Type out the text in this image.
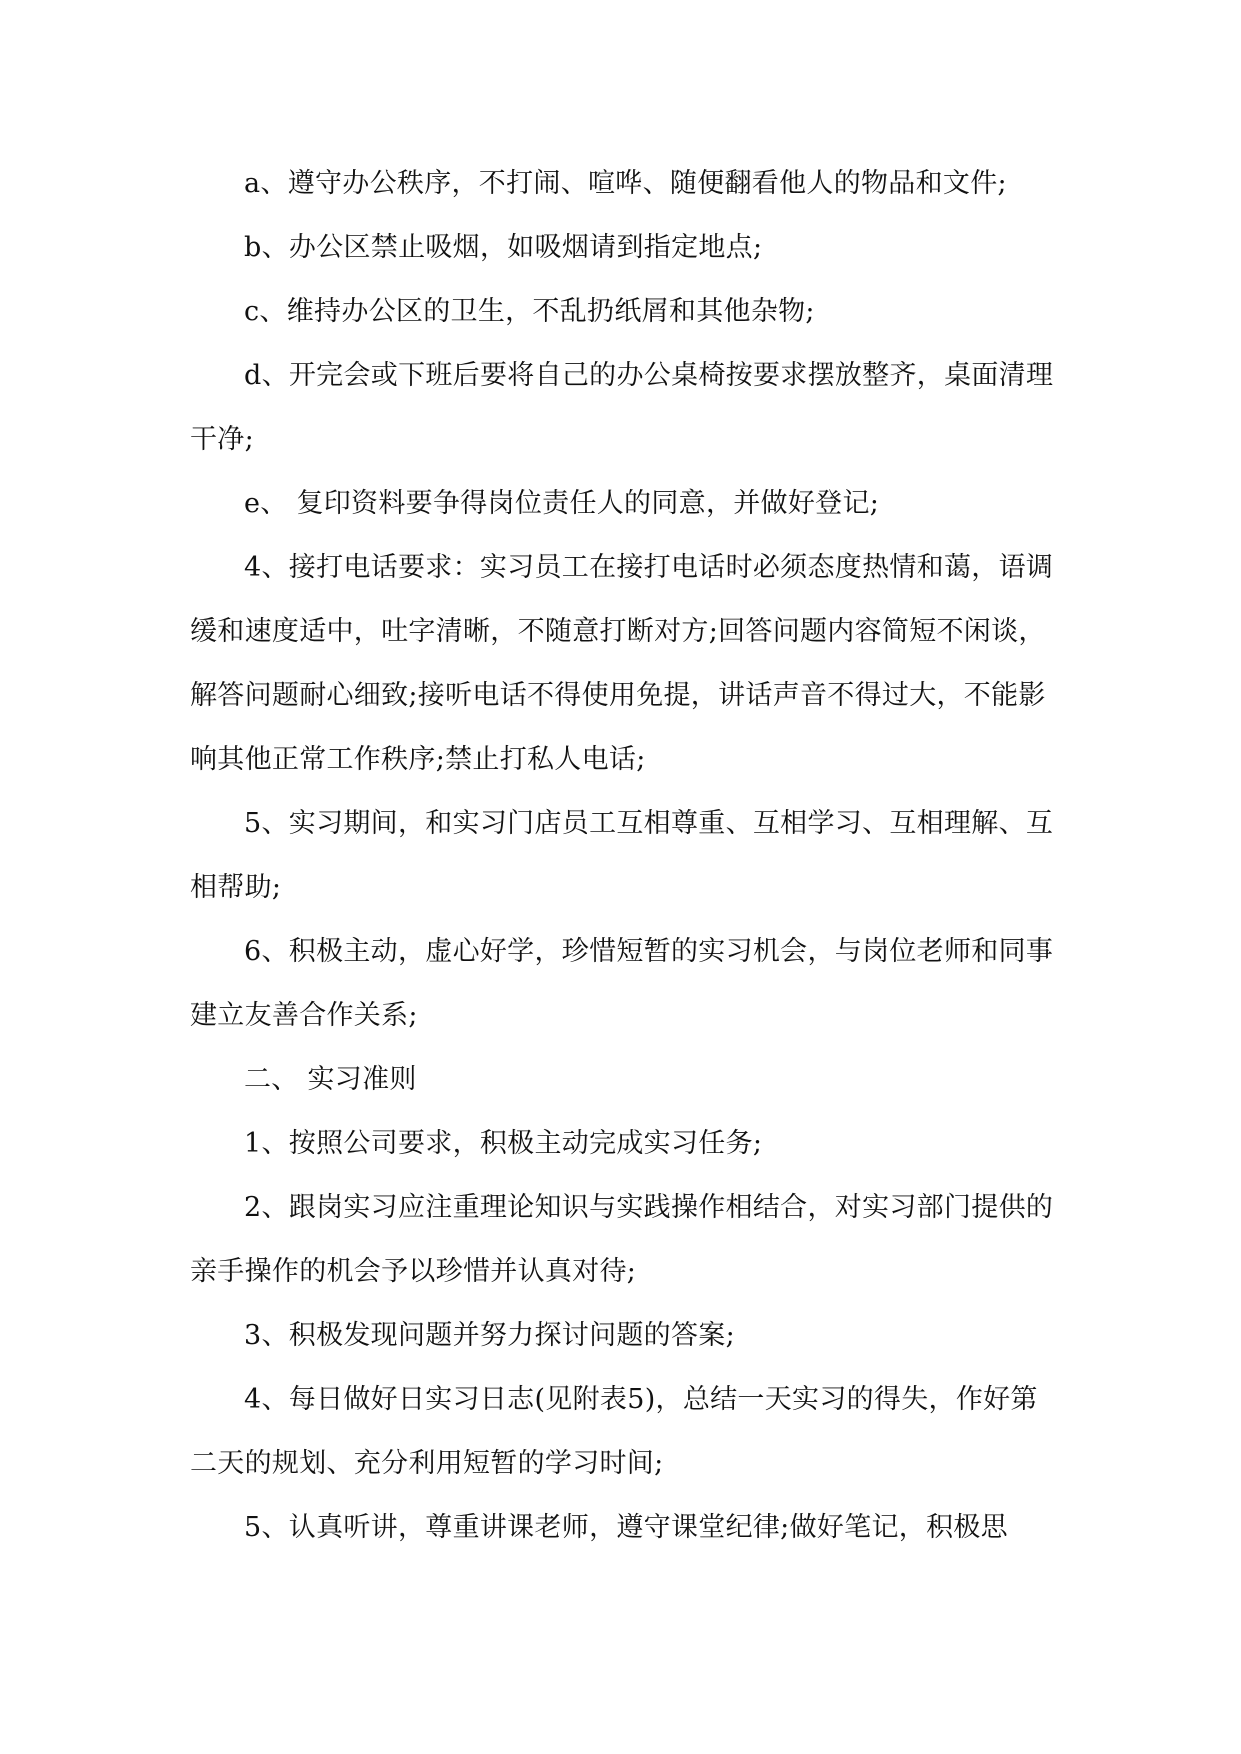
a、遵守办公秩序，不打闹、喧哗、随便翻看他人的物品和文件;

b、办公区禁止吸烟，如吸烟请到指定地点;

c、维持办公区的卫生，不乱扔纸屑和其他杂物;

d、开完会或下班后要将自己的办公桌椅按要求摆放整齐，桌面清理干净;

e、 复印资料要争得岗位责任人的同意，并做好登记;

4、接打电话要求：实习员工在接打电话时必须态度热情和蔼，语调缓和速度适中，吐字清晰，不随意打断对方;回答问题内容简短不闲谈，解答问题耐心细致;接听电话不得使用免提，讲话声音不得过大，不能影响其他正常工作秩序;禁止打私人电话;

5、实习期间，和实习门店员工互相尊重、互相学习、互相理解、互相帮助;

6、积极主动，虚心好学，珍惜短暂的实习机会，与岗位老师和同事建立友善合作关系;

二、 实习准则

1、按照公司要求，积极主动完成实习任务;

2、跟岗实习应注重理论知识与实践操作相结合，对实习部门提供的亲手操作的机会予以珍惜并认真对待;

3、积极发现问题并努力探讨问题的答案;

4、每日做好日实习日志(见附表5)，总结一天实习的得失，作好第二天的规划、充分利用短暂的学习时间;

5、认真听讲，尊重讲课老师，遵守课堂纪律;做好笔记，积极思
